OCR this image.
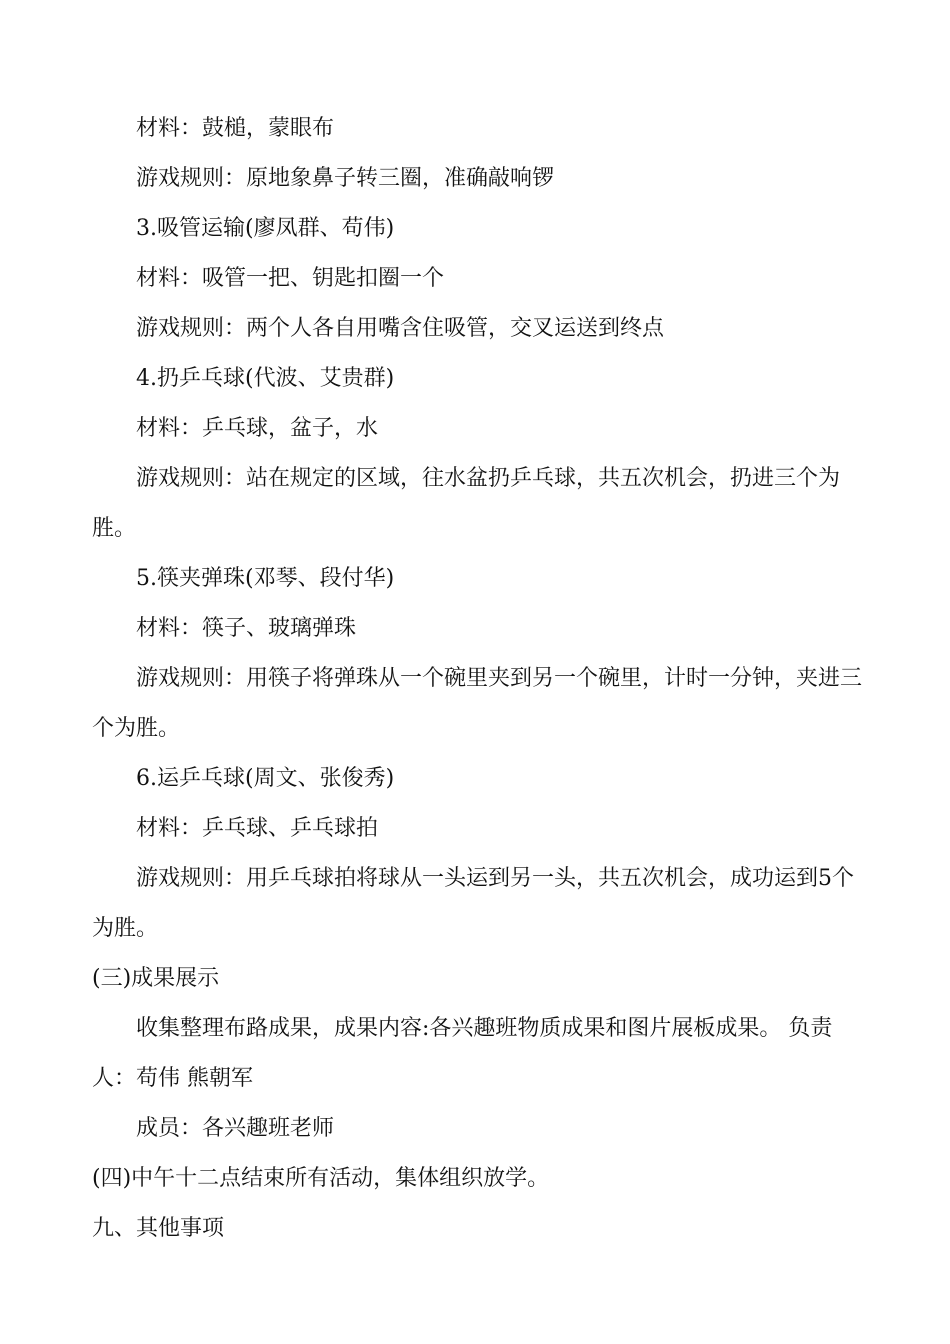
材料：鼓槌，蒙眼布

游戏规则：原地象鼻子转三圈，准确敲响锣

3.吸管运输(廖凤群、苟伟)

材料：吸管一把、钥匙扣圈一个

游戏规则：两个人各自用嘴含住吸管，交叉运送到终点

4.扔乒乓球(代波、艾贵群)

材料：乒乓球，盆子，水

游戏规则：站在规定的区域，往水盆扔乒乓球，共五次机会，扔进三个为胜。

5.筷夹弹珠(邓琴、段付华)

材料：筷子、玻璃弹珠

游戏规则：用筷子将弹珠从一个碗里夹到另一个碗里，计时一分钟，夹进三个为胜。

6.运乒乓球(周文、张俊秀)

材料：乒乓球、乒乓球拍

游戏规则：用乒乓球拍将球从一头运到另一头，共五次机会，成功运到5个为胜。

(三)成果展示

收集整理布路成果，成果内容:各兴趣班物质成果和图片展板成果。 负责人：苟伟 熊朝军

成员：各兴趣班老师

(四)中午十二点结束所有活动，集体组织放学。

九、其他事项
